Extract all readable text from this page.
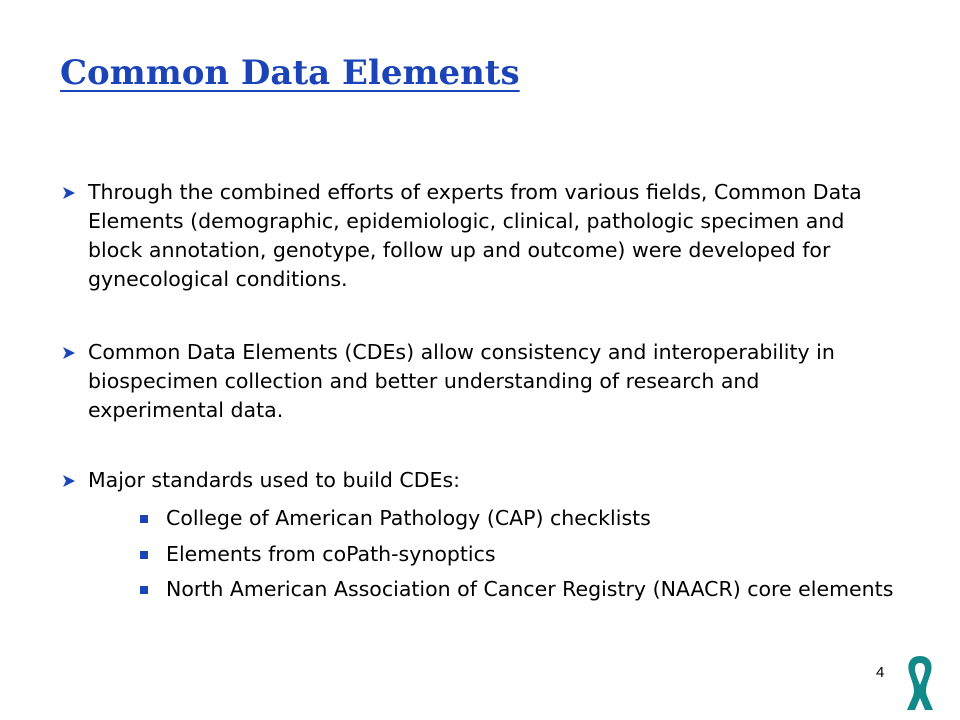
Common Data Elements
Through the combined efforts of experts from various fields, Common Data Elements (demographic, epidemiologic, clinical, pathologic specimen and block annotation, genotype, follow up and outcome) were developed for gynecological conditions.
Common Data Elements (CDEs) allow consistency and interoperability in biospecimen collection and better understanding of research and experimental data.
Major standards used to build CDEs:
College of American Pathology (CAP) checklists
Elements from coPath-synoptics
North American Association of Cancer Registry (NAACR) core elements
4
